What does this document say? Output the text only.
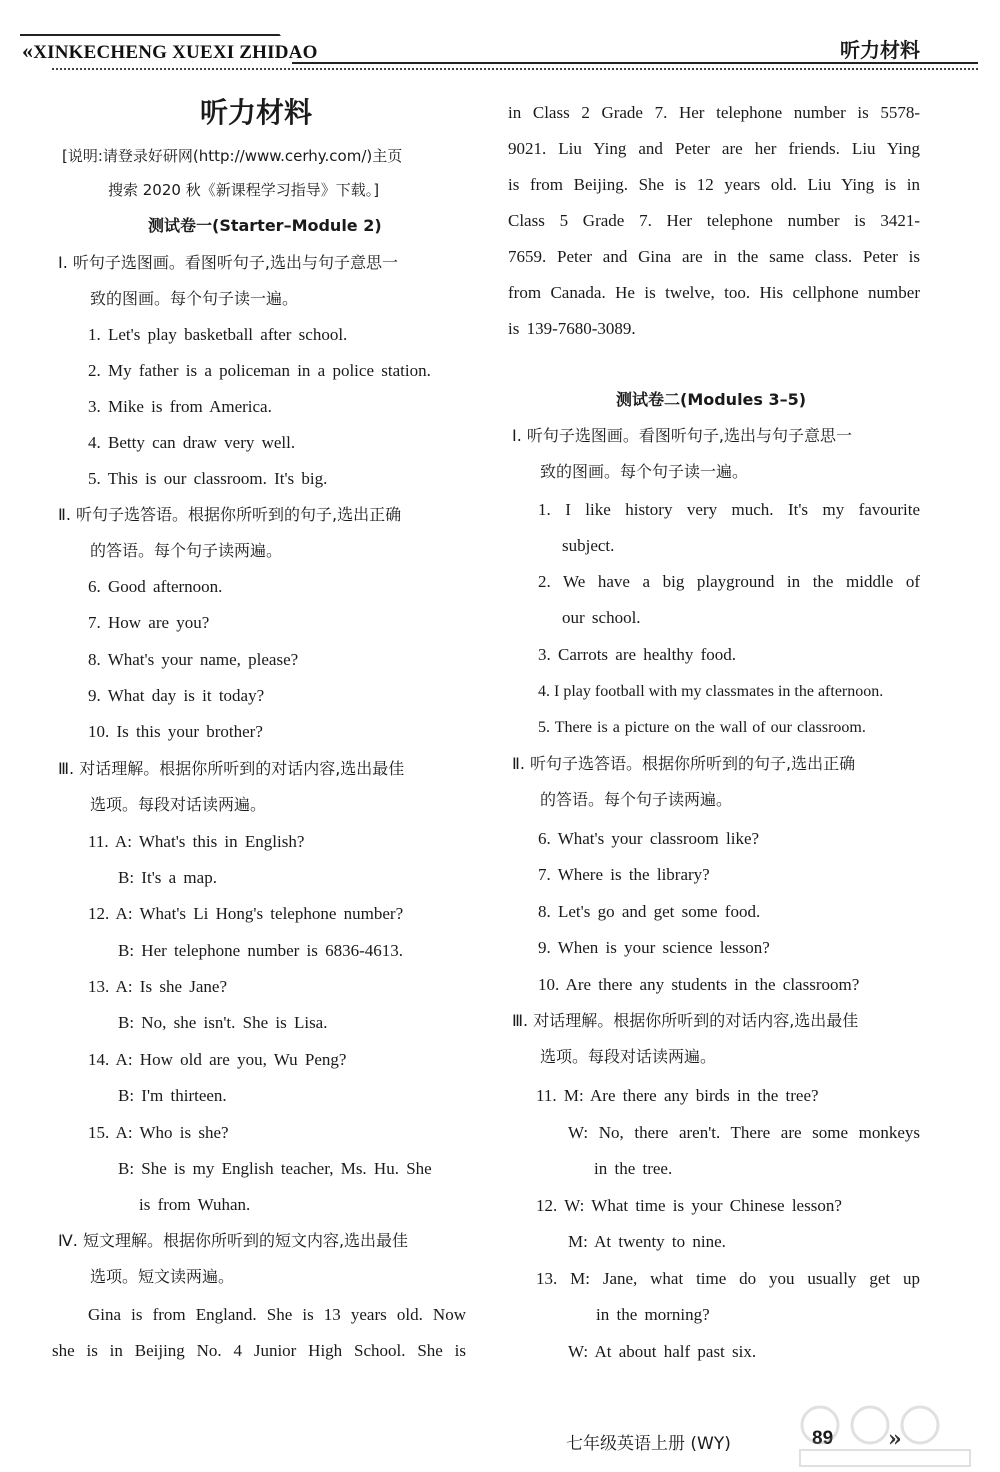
«XINKECHENG XUEXI ZHIDAO	听力材料
听力材料
[说明:请登录好研网(http://www.cerhy.com/)主页
搜索 2020 秋《新课程学习指导》下载。]
测试卷一(Starter–Module 2)
Ⅰ. 听句子选图画。看图听句子,选出与句子意思一
致的图画。每个句子读一遍。
1. Let's play basketball after school.
2. My father is a policeman in a police station.
3. Mike is from America.
4. Betty can draw very well.
5. This is our classroom. It's big.
Ⅱ. 听句子选答语。根据你所听到的句子,选出正确
的答语。每个句子读两遍。
6. Good afternoon.
7. How are you?
8. What's your name, please?
9. What day is it today?
10. Is this your brother?
Ⅲ. 对话理解。根据你所听到的对话内容,选出最佳
选项。每段对话读两遍。
11. A: What's this in English?
B: It's a map.
12. A: What's Li Hong's telephone number?
B: Her telephone number is 6836-4613.
13. A: Is she Jane?
B: No, she isn't. She is Lisa.
14. A: How old are you, Wu Peng?
B: I'm thirteen.
15. A: Who is she?
B: She is my English teacher, Ms. Hu. She
is from Wuhan.
Ⅳ. 短文理解。根据你所听到的短文内容,选出最佳
选项。短文读两遍。
Gina is from England. She is 13 years old. Now
she is in Beijing No. 4 Junior High School. She is
in Class 2 Grade 7. Her telephone number is 5578-
9021. Liu Ying and Peter are her friends. Liu Ying
is from Beijing. She is 12 years old. Liu Ying is in
Class 5 Grade 7. Her telephone number is 3421-
7659. Peter and Gina are in the same class. Peter is
from Canada. He is twelve, too. His cellphone number
is 139-7680-3089.
测试卷二(Modules 3–5)
Ⅰ. 听句子选图画。看图听句子,选出与句子意思一
致的图画。每个句子读一遍。
1. I like history very much. It's my favourite
subject.
2. We have a big playground in the middle of
our school.
3. Carrots are healthy food.
4. I play football with my classmates in the afternoon.
5. There is a picture on the wall of our classroom.
Ⅱ. 听句子选答语。根据你所听到的句子,选出正确
的答语。每个句子读两遍。
6. What's your classroom like?
7. Where is the library?
8. Let's go and get some food.
9. When is your science lesson?
10. Are there any students in the classroom?
Ⅲ. 对话理解。根据你所听到的对话内容,选出最佳
选项。每段对话读两遍。
11. M: Are there any birds in the tree?
W: No, there aren't. There are some monkeys
in the tree.
12. W: What time is your Chinese lesson?
M: At twenty to nine.
13. M: Jane, what time do you usually get up
in the morning?
W: At about half past six.
七年级英语上册 (WY)	89 »
